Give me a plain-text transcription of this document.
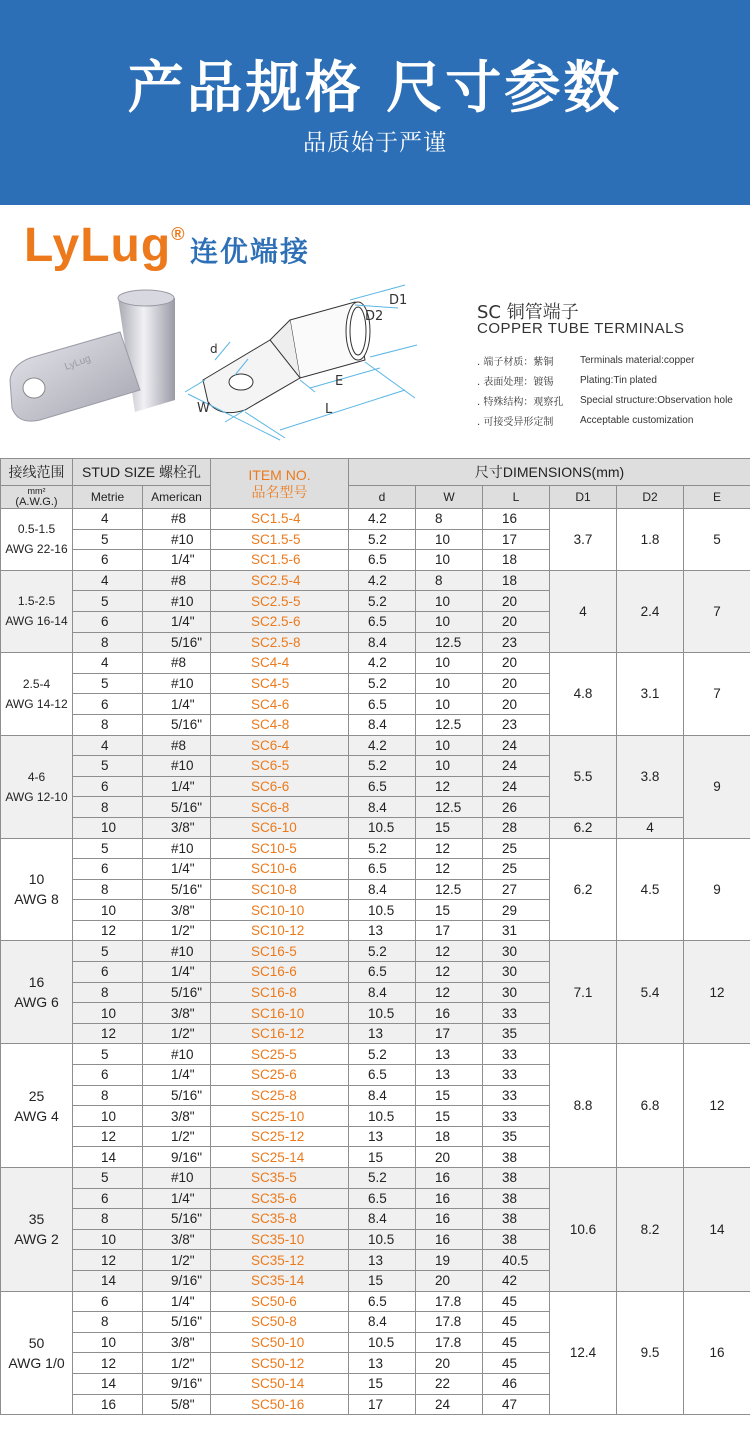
产品规格 尺寸参数
品质始于严谨
LyLug®
连优端接
LyLug
D1
D2
d
W
E
L
SC 铜管端子
COPPER TUBE TERMINALS
. 端子材质：紫铜	Terminals material:copper
. 表面处理：镀锡	Plating:Tin plated
. 特殊结构：观察孔	Special structure:Observation hole
. 可接受异形定制	Acceptable customization
接线范围	STUD SIZE 螺栓孔		ITEM NO.
品名型号	尺寸DIMENSIONS(mm)					

mm²
(A.W.G.)	Metrie	American		d	W	L	D1	D2	E

0.5-1.5
AWG 22-16	4	#8	SC1.5-4	4.2	8	16	3.7	1.8	5
	5	#10	SC1.5-5	5.2	10	17			
	6	1/4"	SC1.5-6	6.5	10	18			

1.5-2.5
AWG 16-14	4	#8	SC2.5-4	4.2	8	18	4	2.4	7
	5	#10	SC2.5-5	5.2	10	20			
	6	1/4"	SC2.5-6	6.5	10	20			
	8	5/16"	SC2.5-8	8.4	12.5	23			

2.5-4
AWG 14-12	4	#8	SC4-4	4.2	10	20	4.8	3.1	7
	5	#10	SC4-5	5.2	10	20			
	6	1/4"	SC4-6	6.5	10	20			
	8	5/16"	SC4-8	8.4	12.5	23			

4-6
AWG 12-10	4	#8	SC6-4	4.2	10	24	5.5	3.8	9
	5	#10	SC6-5	5.2	10	24			
	6	1/4"	SC6-6	6.5	12	24			
	8	5/16"	SC6-8	8.4	12.5	26			
	10	3/8"	SC6-10	10.5	15	28	6.2	4	

10
AWG 8	5	#10	SC10-5	5.2	12	25	6.2	4.5	9
	6	1/4"	SC10-6	6.5	12	25			
	8	5/16"	SC10-8	8.4	12.5	27			
	10	3/8"	SC10-10	10.5	15	29			
	12	1/2"	SC10-12	13	17	31			

16
AWG 6	5	#10	SC16-5	5.2	12	30	7.1	5.4	12
	6	1/4"	SC16-6	6.5	12	30			
	8	5/16"	SC16-8	8.4	12	30			
	10	3/8"	SC16-10	10.5	16	33			
	12	1/2"	SC16-12	13	17	35			

25
AWG 4	5	#10	SC25-5	5.2	13	33	8.8	6.8	12
	6	1/4"	SC25-6	6.5	13	33			
	8	5/16"	SC25-8	8.4	15	33			
	10	3/8"	SC25-10	10.5	15	33			
	12	1/2"	SC25-12	13	18	35			
	14	9/16"	SC25-14	15	20	38			

35
AWG 2	5	#10	SC35-5	5.2	16	38	10.6	8.2	14
	6	1/4"	SC35-6	6.5	16	38			
	8	5/16"	SC35-8	8.4	16	38			
	10	3/8"	SC35-10	10.5	16	38			
	12	1/2"	SC35-12	13	19	40.5			
	14	9/16"	SC35-14	15	20	42			

50
AWG 1/0	6	1/4"	SC50-6	6.5	17.8	45	12.4	9.5	16
	8	5/16"	SC50-8	8.4	17.8	45			
	10	3/8"	SC50-10	10.5	17.8	45			
	12	1/2"	SC50-12	13	20	45			
	14	9/16"	SC50-14	15	22	46			
	16	5/8"	SC50-16	17	24	47			
